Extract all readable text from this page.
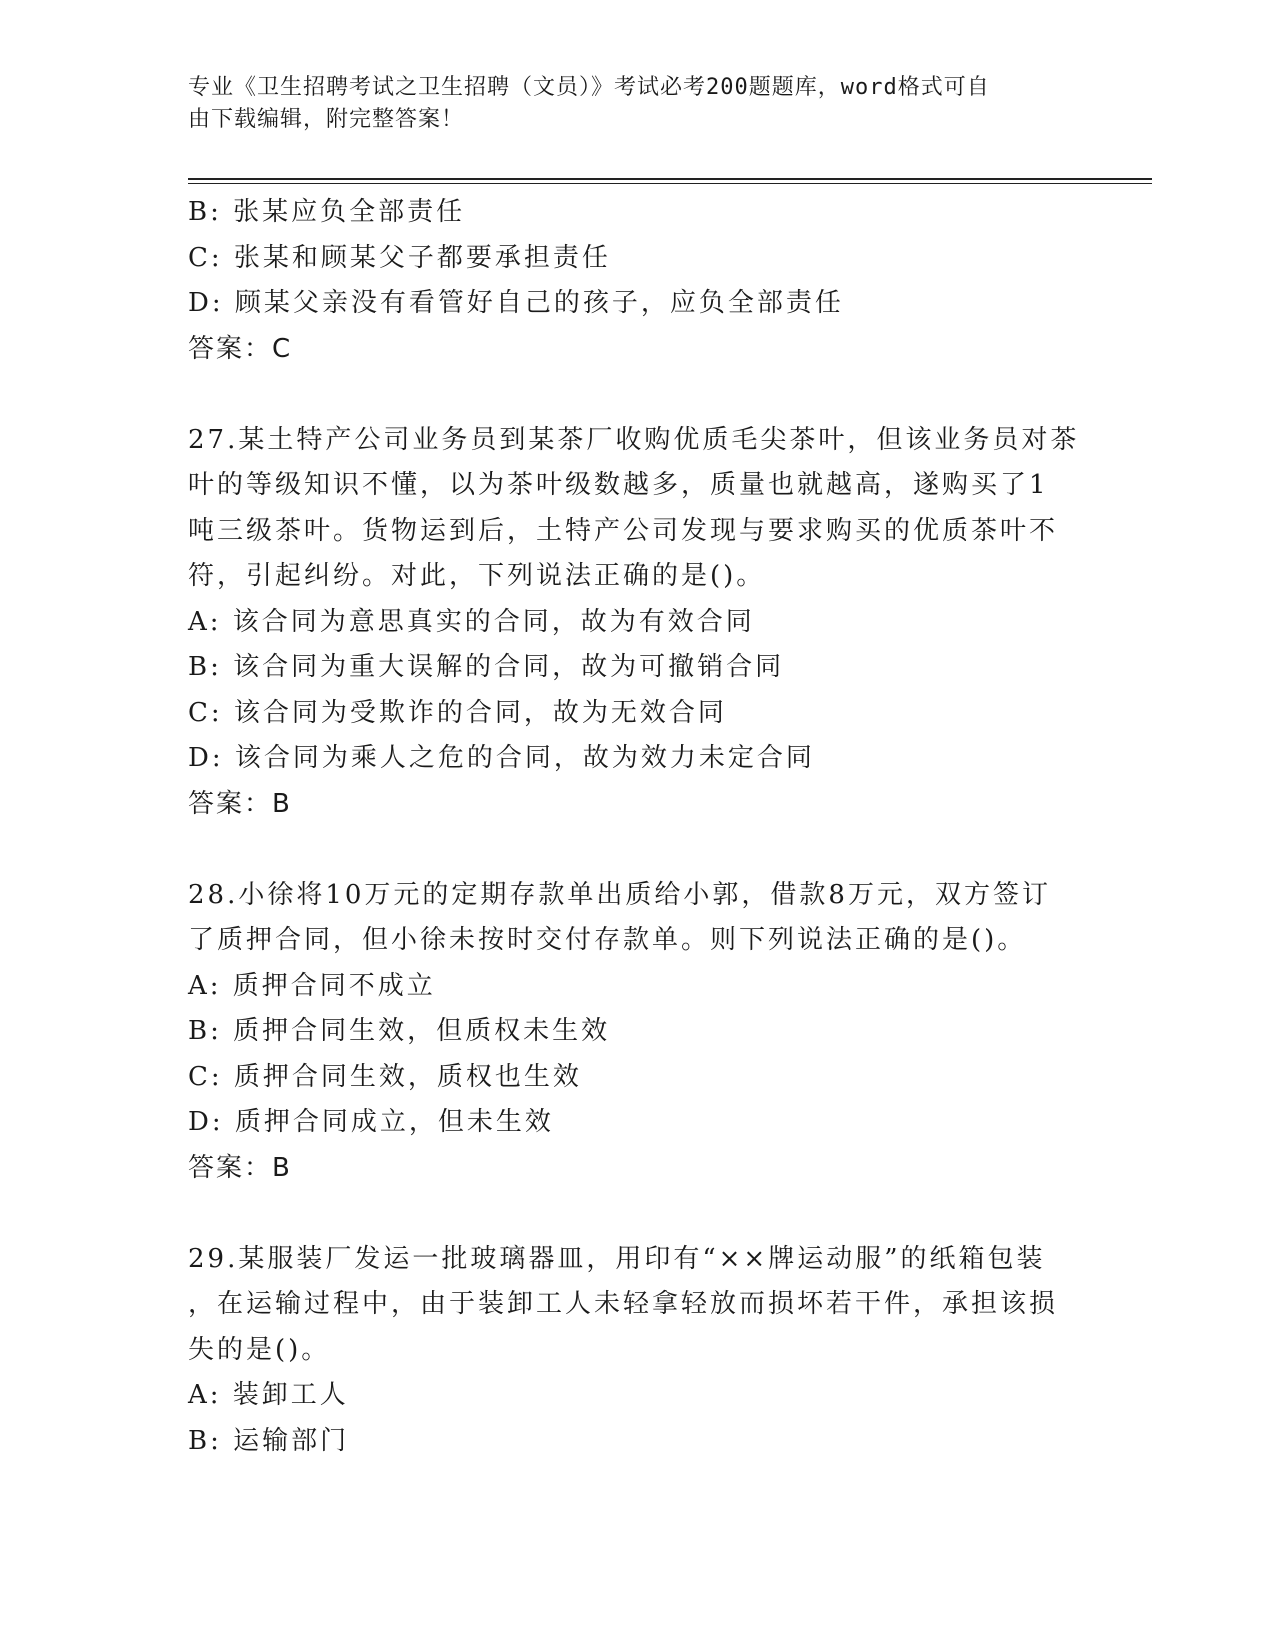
专业《卫生招聘考试之卫生招聘（文员）》考试必考200题题库，word格式可自
由下载编辑，附完整答案！
B: 张某应负全部责任
C: 张某和顾某父子都要承担责任
D: 顾某父亲没有看管好自己的孩子，应负全部责任
答案：C
27.某土特产公司业务员到某茶厂收购优质毛尖茶叶，但该业务员对茶
叶的等级知识不懂，以为茶叶级数越多，质量也就越高，遂购买了1
吨三级茶叶。货物运到后，土特产公司发现与要求购买的优质茶叶不
符，引起纠纷。对此，下列说法正确的是()。
A: 该合同为意思真实的合同，故为有效合同
B: 该合同为重大误解的合同，故为可撤销合同
C: 该合同为受欺诈的合同，故为无效合同
D: 该合同为乘人之危的合同，故为效力未定合同
答案：B
28.小徐将10万元的定期存款单出质给小郭，借款8万元，双方签订
了质押合同，但小徐未按时交付存款单。则下列说法正确的是()。
A: 质押合同不成立
B: 质押合同生效，但质权未生效
C: 质押合同生效，质权也生效
D: 质押合同成立，但未生效
答案：B
29.某服装厂发运一批玻璃器皿，用印有“××牌运动服”的纸箱包装
，在运输过程中，由于装卸工人未轻拿轻放而损坏若干件，承担该损
失的是()。
A: 装卸工人
B: 运输部门
